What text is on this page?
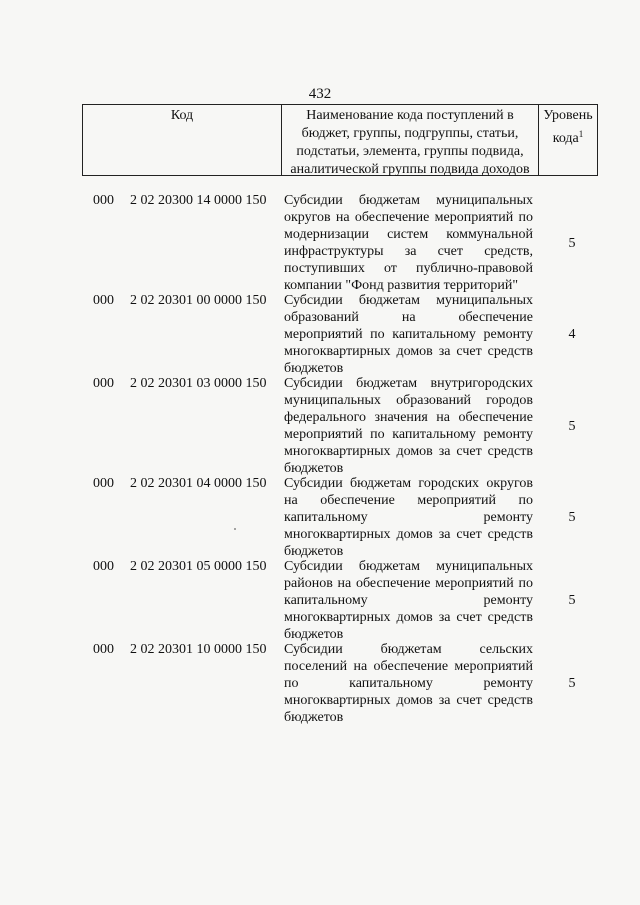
432
Код	Наименование кода поступлений в
бюджет, группы, подгруппы, статьи,
подстатьи, элемента, группы подвида,
аналитической группы подвида доходов
Уровень
кода$^1$
000 2 02 20300 14 0000 150 Субсидии бюджетам муниципальных
округов на обеспечение мероприятий по
модернизации систем коммунальной
инфраструктуры за счет средств,
поступивших от публично-правовой
компании "Фонд развития территорий"
5
000 2 02 20301 00 0000 150 Субсидии бюджетам муниципальных
образований на обеспечение
мероприятий по капитальному ремонту
многоквартирных домов за счет средств
бюджетов
4
000 2 02 20301 03 0000 150 Субсидии бюджетам внутригородских
муниципальных образований городов
федерального значения на обеспечение
мероприятий по капитальному ремонту
многоквартирных домов за счет средств
бюджетов
5
000 2 02 20301 04 0000 150 Субсидии бюджетам городских округов
на обеспечение мероприятий по
капитальному ремонту
многоквартирных домов за счет средств
бюджетов
5
000 2 02 20301 05 0000 150 Субсидии бюджетам муниципальных
районов на обеспечение мероприятий по
капитальному ремонту
многоквартирных домов за счет средств
бюджетов
5
000 2 02 20301 10 0000 150 Субсидии бюджетам сельских
поселений на обеспечение мероприятий
по капитальному ремонту
многоквартирных домов за счет средств
бюджетов
5
